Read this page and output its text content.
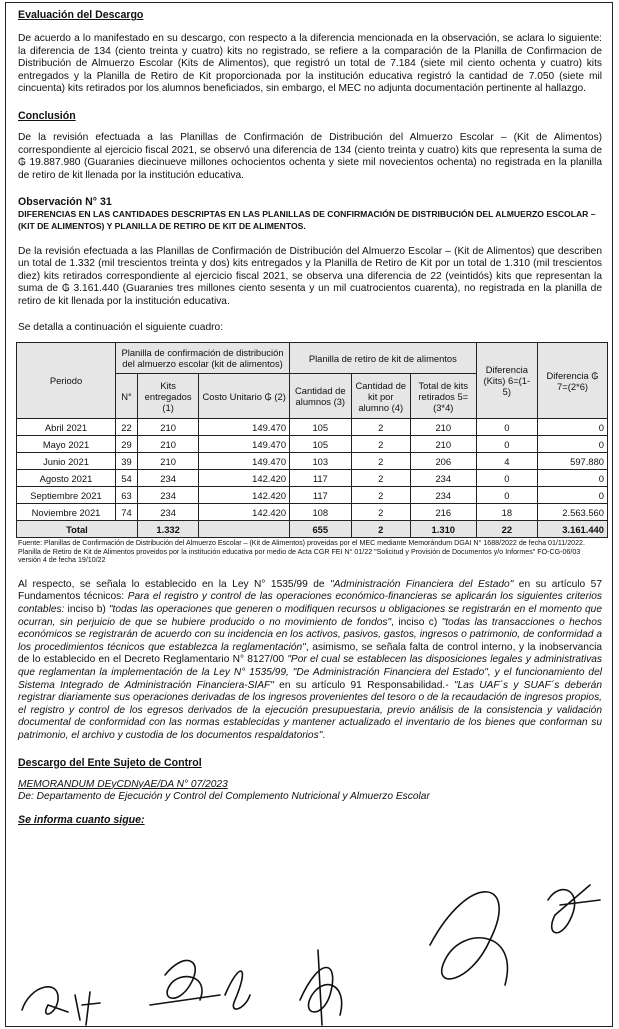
Evaluación del Descargo

De acuerdo a lo manifestado en su descargo, con respecto a la diferencia mencionada en la observación, se aclara lo siguiente: la diferencia de 134 (ciento treinta y cuatro) kits no registrado, se refiere a la comparación de la Planilla de Confirmacion de Distribución de Almuerzo Escolar (Kits de Alimentos), que registró un total de 7.184 (siete mil ciento ochenta y cuatro) kits entregados y la Planilla de Retiro de Kit proporcionada por la institución educativa registró la cantidad de 7.050 (siete mil cincuenta) kits retirados por los alumnos beneficiados, sin embargo, el MEC no adjunta documentación pertinente al hallazgo.

Conclusión

De la revisión efectuada a las Planillas de Confirmación de Distribución del Almuerzo Escolar – (Kit de Alimentos) correspondiente al ejercicio fiscal 2021, se observó una diferencia de 134 (ciento treinta y cuatro) kits que representa la suma de ₲ 19.887.980 (Guaranies diecinueve millones ochocientos ochenta y siete mil novecientos ochenta) no registrada en la planilla de retiro de kit llenada por la institución educativa.

Observación N° 31
DIFERENCIAS EN LAS CANTIDADES DESCRIPTAS EN LAS PLANILLAS DE CONFIRMACIÓN DE DISTRIBUCIÓN DEL ALMUERZO ESCOLAR – (KIT DE ALIMENTOS) Y PLANILLA DE RETIRO DE KIT DE ALIMENTOS.

De la revisión efectuada a las Planillas de Confirmación de Distribución del Almuerzo Escolar – (Kit de Alimentos) que describen un total de 1.332 (mil trescientos treinta y dos) kits entregados y la Planilla de Retiro de Kit por un total de 1.310 (mil trescientos diez) kits retirados correspondiente al ejercicio fiscal 2021, se observa una diferencia de 22 (veintidós) kits que representan la suma de ₲ 3.161.440 (Guaranies tres millones ciento sesenta y un mil cuatrocientos cuarenta), no registrada en la planilla de retiro de kit llenada por la institución educativa.

Se detalla a continuación el siguiente cuadro:

Periodo	Planilla de confirmación de distribución del almuerzo escolar (kit de alimentos)			Planilla de retiro de kit de alimentos			Diferencia (Kits) 6=(1-5)	Diferencia ₲ 7=(2*6)
	N°	Kits entregados (1)	Costo Unitario ₲ (2)	Cantidad de alumnos (3)	Cantidad de kit por alumno (4)	Total de kits retirados 5=(3*4)		
Abril 2021	22	210	149.470	105	2	210	0	0
Mayo 2021	29	210	149.470	105	2	210	0	0
Junio 2021	39	210	149.470	103	2	206	4	597.880
Agosto 2021	54	234	142.420	117	2	234	0	0
Septiembre 2021	63	234	142.420	117	2	234	0	0
Noviembre 2021	74	234	142.420	108	2	216	18	2.563.560
Total		1.332		655	2	1.310	22	3.161.440
Fuente: Planillas de Confirmación de Distribución del Almuerzo Escolar – (Kit de Alimentos) proveidas por el MEC mediante Memorándum DGAI N° 1688/2022 de fecha 01/11/2022. Planilla de Retiro de Kit de Alimentos proveidos por la institución educativa por medio de Acta CGR FEI N° 01/22 "Solicitud y Provisión de Documentos y/o Informes" FO-CG-06/03 versión 4 de fecha 19/10/22

Al respecto, se señala lo establecido en la Ley N° 1535/99 de "Administración Financiera del Estado" en su artículo 57 Fundamentos técnicos: Para el registro y control de las operaciones económico-financieras se aplicarán los siguientes criterios contables: inciso b) "todas las operaciones que generen o modifiquen recursos u obligaciones se registrarán en el momento que ocurran, sin perjuicio de que se hubiere producido o no movimiento de fondos", inciso c) "todas las transacciones o hechos económicos se registrarán de acuerdo con su incidencia en los activos, pasivos, gastos, ingresos o patrimonio, de conformidad a los procedimientos técnicos que establezca la reglamentación", asimismo, se señala falta de control interno, y la inobservancia de lo establecido en el Decreto Reglamentario N° 8127/00 "Por el cual se establecen las disposiciones legales y administrativas que reglamentan la implementación de la Ley N° 1535/99, "De Administración Financiera del Estado", y el funcionamiento del Sistema Integrado de Administración Financiera-SIAF" en su artículo 91 Responsabilidad.- "Las UAF´s y SUAF´s deberán registrar diariamente sus operaciones derivadas de los ingresos provenientes del tesoro o de la recaudación de ingresos propios, el registro y control de los egresos derivados de la ejecución presupuestaria, previo análisis de la consistencia y validación documental de conformidad con las normas establecidas y mantener actualizado el inventario de los bienes que conforman su patrimonio, el archivo y custodia de los documentos respaldatorios".

Descargo del Ente Sujeto de Control
MEMORANDUM DEyCDNyAE/DA N° 07/2023
De: Departamento de Ejecución y Control del Complemento Nutricional y Almuerzo Escolar
Se informa cuanto sigue:
